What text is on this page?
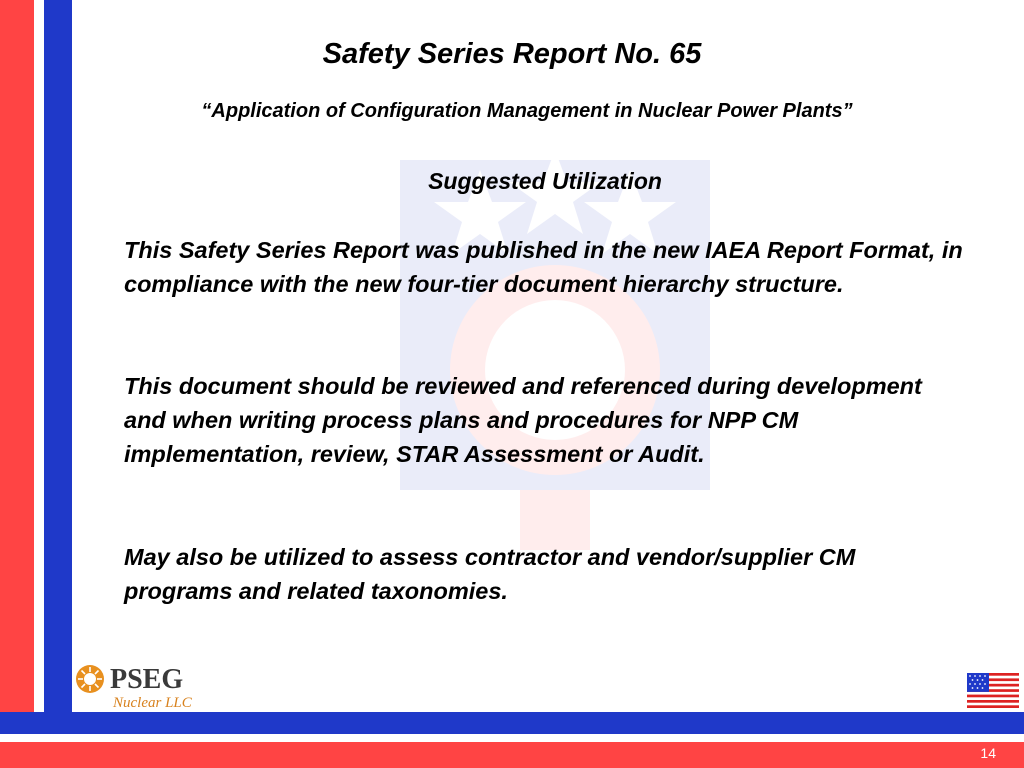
Safety Series Report No. 65
“Application of Configuration Management in Nuclear Power Plants”
Suggested Utilization

This Safety Series Report was published in the new IAEA Report Format, in compliance with the new four-tier document hierarchy structure.

This document should be reviewed and referenced during development and when writing process plans and procedures for NPP CM implementation, review, STAR Assessment or Audit.

May also be utilized to assess contractor and vendor/supplier CM programs and related taxonomies.

PSEG
Nuclear LLC
14
